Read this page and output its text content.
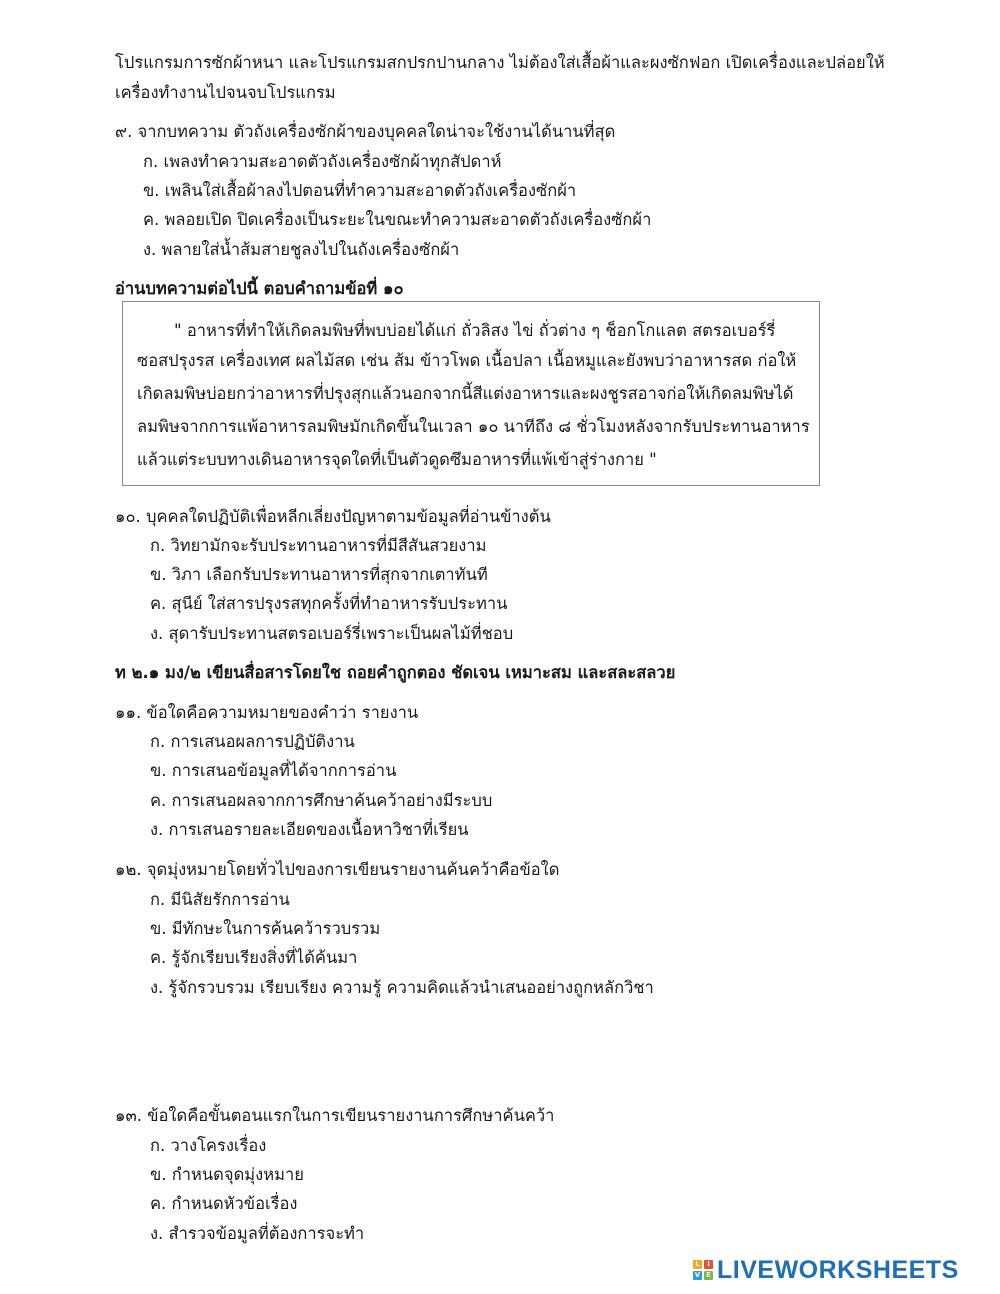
โปรแกรมการซักผ้าหนา และโปรแกรมสกปรกปานกลาง ไม่ต้องใส่เสื้อผ้าและผงซักฟอก เปิดเครื่องและปล่อยให้
เครื่องทำงานไปจนจบโปรแกรม
๙. จากบทความ ตัวถังเครื่องซักผ้าของบุคคลใดน่าจะใช้งานได้นานที่สุด
ก. เพลงทำความสะอาดตัวถังเครื่องซักผ้าทุกสัปดาห์
ข. เพลินใส่เสื้อผ้าลงไปตอนที่ทำความสะอาดตัวถังเครื่องซักผ้า
ค. พลอยเปิด ปิดเครื่องเป็นระยะในขณะทำความสะอาดตัวถังเครื่องซักผ้า
ง. พลายใส่น้ำส้มสายชูลงไปในถังเครื่องซักผ้า
อ่านบทความต่อไปนี้ ตอบคำถามข้อที่ ๑๐
" อาหารที่ทำให้เกิดลมพิษที่พบบ่อยได้แก่ ถั่วลิสง ไข่ ถั่วต่าง ๆ ช็อกโกแลต สตรอเบอร์รี่
ซอสปรุงรส เครื่องเทศ ผลไม้สด เช่น ส้ม ข้าวโพด เนื้อปลา เนื้อหมูและยังพบว่าอาหารสด ก่อให้
เกิดลมพิษบ่อยกว่าอาหารที่ปรุงสุกแล้วนอกจากนี้สีแต่งอาหารและผงชูรสอาจก่อให้เกิดลมพิษได้
ลมพิษจากการแพ้อาหารลมพิษมักเกิดขึ้นในเวลา ๑๐ นาทีถึง ๘ ชั่วโมงหลังจากรับประทานอาหาร
แล้วแต่ระบบทางเดินอาหารจุดใดที่เป็นตัวดูดซึมอาหารที่แพ้เข้าสู่ร่างกาย "
๑๐. บุคคลใดปฏิบัติเพื่อหลีกเลี่ยงปัญหาตามข้อมูลที่อ่านข้างต้น
ก. วิทยามักจะรับประทานอาหารที่มีสีสันสวยงาม
ข. วิภา เลือกรับประทานอาหารที่สุกจากเตาทันที
ค. สุนีย์ ใส่สารปรุงรสทุกครั้งที่ทำอาหารรับประทาน
ง. สุดารับประทานสตรอเบอร์รี่เพราะเป็นผลไม้ที่ชอบ
ท ๒.๑ มง/๒ เขียนสื่อสารโดยใช ถอยคำถูกตอง ชัดเจน เหมาะสม และสละสลวย
๑๑. ข้อใดคือความหมายของคำว่า รายงาน
ก. การเสนอผลการปฏิบัติงาน
ข. การเสนอข้อมูลที่ได้จากการอ่าน
ค. การเสนอผลจากการศึกษาค้นคว้าอย่างมีระบบ
ง. การเสนอรายละเอียดของเนื้อหาวิชาที่เรียน
๑๒. จุดมุ่งหมายโดยทั่วไปของการเขียนรายงานค้นคว้าคือข้อใด
ก. มีนิสัยรักการอ่าน
ข. มีทักษะในการค้นคว้ารวบรวม
ค. รู้จักเรียบเรียงสิ่งที่ได้ค้นมา
ง. รู้จักรวบรวม เรียบเรียง ความรู้ ความคิดแล้วนำเสนออย่างถูกหลักวิชา
๑๓. ข้อใดคือขั้นตอนแรกในการเขียนรายงานการศึกษาค้นคว้า
ก. วางโครงเรื่อง
ข. กำหนดจุดมุ่งหมาย
ค. กำหนดหัวข้อเรื่อง
ง. สำรวจข้อมูลที่ต้องการจะทำ
L	I
V E LIVEWORKSHEETS
